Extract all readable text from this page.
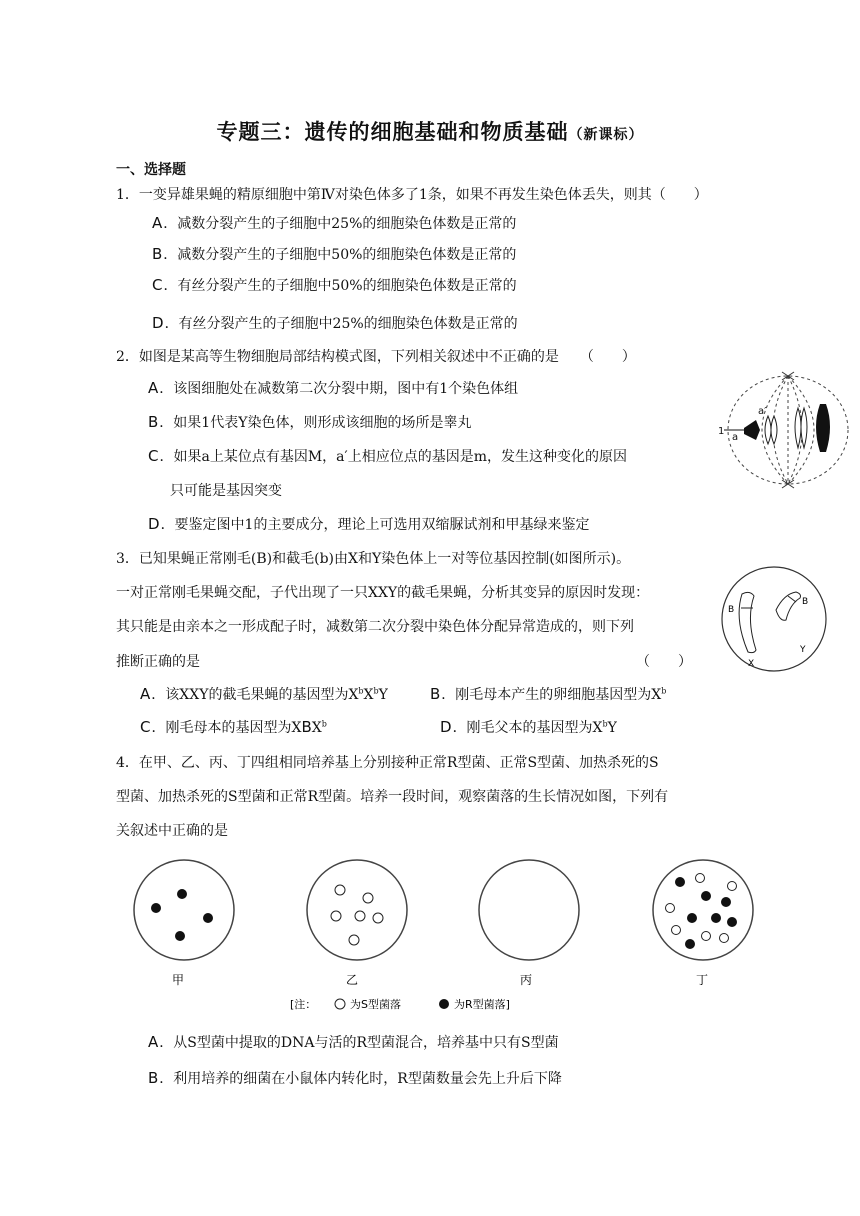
专题三：遗传的细胞基础和物质基础（新课标）
一、选择题
1．一变异雄果蝇的精原细胞中第Ⅳ对染色体多了1条，如果不再发生染色体丢失，则其（　　）
A．减数分裂产生的子细胞中25%的细胞染色体数是正常的
B．减数分裂产生的子细胞中50%的细胞染色体数是正常的
C．有丝分裂产生的子细胞中50%的细胞染色体数是正常的
D．有丝分裂产生的子细胞中25%的细胞染色体数是正常的
2．如图是某高等生物细胞局部结构模式图，下列相关叙述中不正确的是　　（　　）
A．该图细胞处在减数第二次分裂中期，图中有1个染色体组
B．如果1代表Y染色体，则形成该细胞的场所是睾丸
C．如果a上某位点有基因M，a′上相应位点的基因是m，发生这种变化的原因
只可能是基因突变
D．要鉴定图中1的主要成分，理论上可选用双缩脲试剂和甲基绿来鉴定
1
a
a′
3．已知果蝇正常刚毛(B)和截毛(b)由X和Y染色体上一对等位基因控制(如图所示)。
一对正常刚毛果蝇交配，子代出现了一只XXY的截毛果蝇，分析其变异的原因时发现：
其只能是由亲本之一形成配子时，减数第二次分裂中染色体分配异常造成的，则下列
推断正确的是	（　　）
A．该XXY的截毛果蝇的基因型为$X^bX^bY$	B．刚毛母本产生的卵细胞基因型为$X^b$
C．刚毛母本的基因型为XBX$^b$	D．刚毛父本的基因型为$X^bY$
B
B
X
Y
4．在甲、乙、丙、丁四组相同培养基上分别接种正常R型菌、正常S型菌、加热杀死的S
型菌、加热杀死的S型菌和正常R型菌。培养一段时间，观察菌落的生长情况如图，下列有
关叙述中正确的是
甲	乙	丙	丁
[注：	为S型菌落	为R型菌落]
A．从S型菌中提取的DNA与活的R型菌混合，培养基中只有S型菌
B．利用培养的细菌在小鼠体内转化时，R型菌数量会先上升后下降
